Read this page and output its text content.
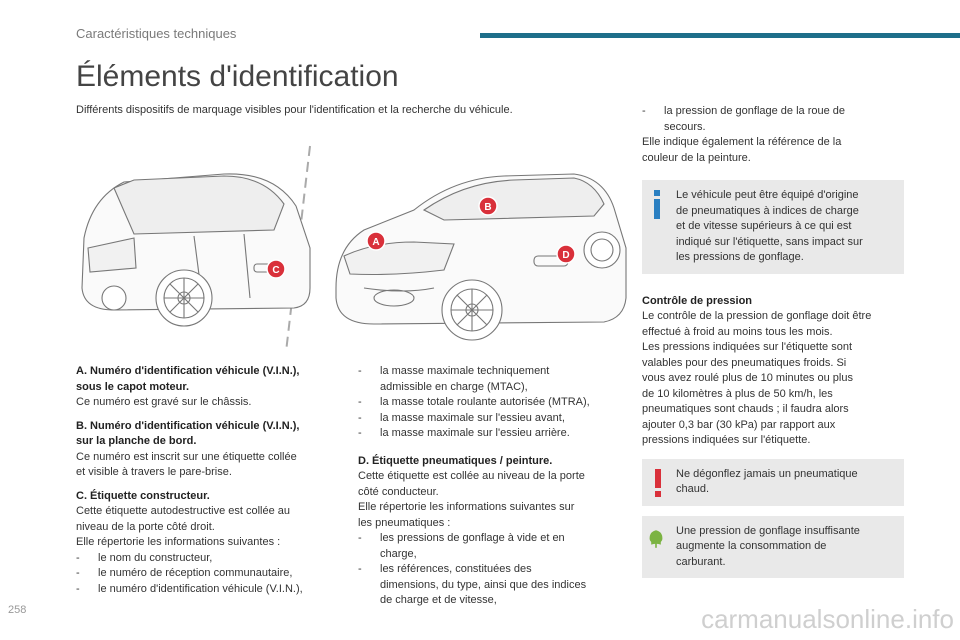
Caractéristiques techniques
Éléments d'identification
Différents dispositifs de marquage visibles pour l'identification et la recherche du véhicule.
A
B
C
D
A. Numéro d'identification véhicule (V.I.N.),
sous le capot moteur.
Ce numéro est gravé sur le châssis.
B. Numéro d'identification véhicule (V.I.N.),
sur la planche de bord.
Ce numéro est inscrit sur une étiquette collée
et visible à travers le pare-brise.
C. Étiquette constructeur.
Cette étiquette autodestructive est collée au
niveau de la porte côté droit.
Elle répertorie les informations suivantes :
-	le nom du constructeur,
-	le numéro de réception communautaire,
-	le numéro d'identification véhicule (V.I.N.),
-	la masse maximale techniquement
admissible en charge (MTAC),
-	la masse totale roulante autorisée (MTRA),
-	la masse maximale sur l'essieu avant,
-	la masse maximale sur l'essieu arrière.
D. Étiquette pneumatiques / peinture.
Cette étiquette est collée au niveau de la porte
côté conducteur.
Elle répertorie les informations suivantes sur
les pneumatiques :
-	les pressions de gonflage à vide et en
charge,
-	les références, constituées des
dimensions, du type, ainsi que des indices
de charge et de vitesse,
-	la pression de gonflage de la roue de
secours.
Elle indique également la référence de la
couleur de la peinture.
Le véhicule peut être équipé d'origine
de pneumatiques à indices de charge
et de vitesse supérieurs à ce qui est
indiqué sur l'étiquette, sans impact sur
les pressions de gonflage.
Contrôle de pression
Le contrôle de la pression de gonflage doit être
effectué à froid au moins tous les mois.
Les pressions indiquées sur l'étiquette sont
valables pour des pneumatiques froids. Si
vous avez roulé plus de 10 minutes ou plus
de 10 kilomètres à plus de 50 km/h, les
pneumatiques sont chauds ; il faudra alors
ajouter 0,3 bar (30 kPa) par rapport aux
pressions indiquées sur l'étiquette.
Ne dégonflez jamais un pneumatique
chaud.
Une pression de gonflage insuffisante
augmente la consommation de
carburant.
258	carmanualsonline.info
